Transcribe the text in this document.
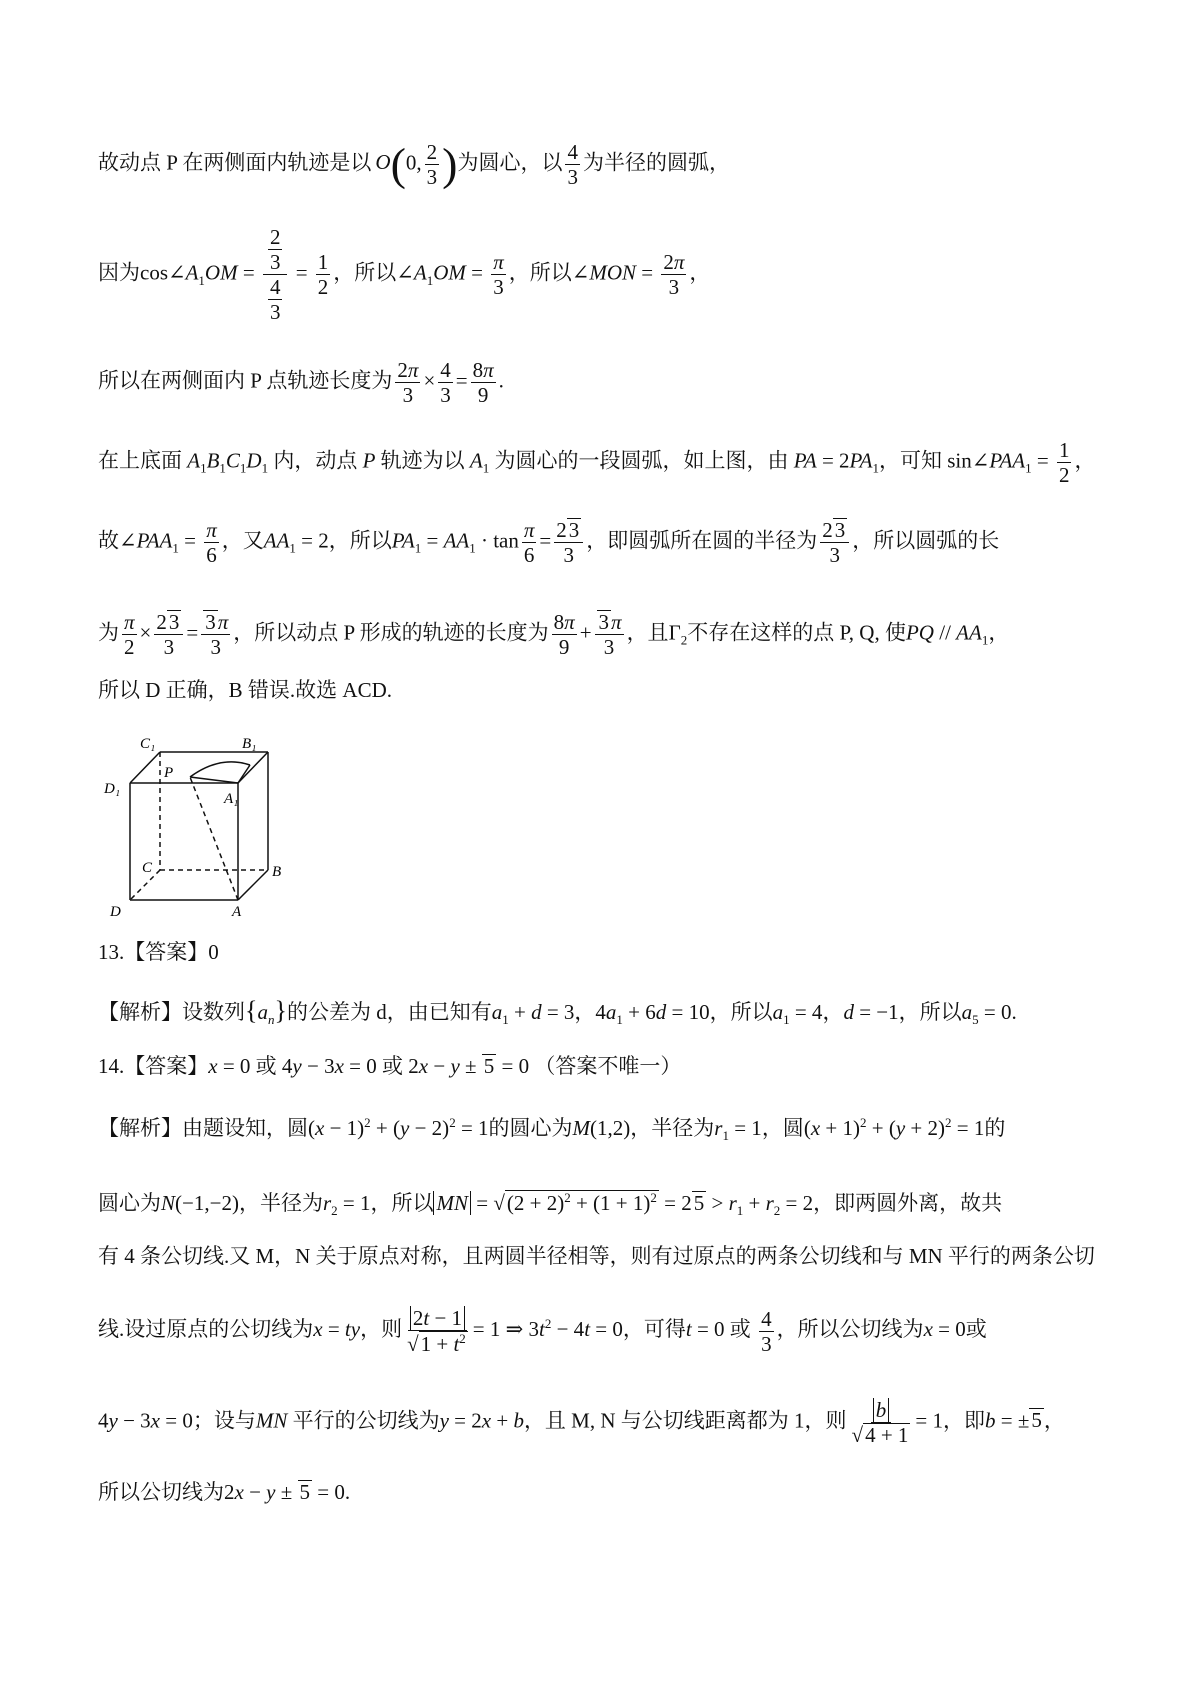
故动点 P 在两侧面内轨迹是以 O(0, $\frac{2}{3}$ )为圆心，以 $\frac{4}{3}$ 为半径的圆弧，
因为$\cos\angle A_1OM = \frac{\frac{2}{3}}{\frac{4}{3}} = \frac{1}{2}$ ，所以$\angle A_1OM = \frac{\pi}{3}$ ，所以∠MON = $\frac{2\pi}{3}$ ，
所以在两侧面内 P 点轨迹长度为 $\frac{2\pi}{3} \times \frac{4}{3} = \frac{8\pi}{9}$ .
在上底面 $A_1B_1C_1D_1$ 内，动点 P 轨迹为以 $A_1$ 为圆心的一段圆弧，如上图，由 PA = $2PA_1$，可知 $\sin\angle PAA_1 = \frac{1}{2}$ ，
故$\angle PAA_1 = \frac{\pi}{6}$ ，又$AA_1 = 2$，所以$PA_1 = AA_1 \cdot \tan \frac{\pi}{6} = \frac{23}{3}$ ，即圆弧所在圆的半径为 $\frac{23}{3}$ ，所以圆弧的长
为 $\frac{\pi}{2} \times \frac{23}{3} = \frac{3\pi}{3}$ ，所以动点 P 形成的轨迹的长度为 $\frac{8\pi}{9} + \frac{3\pi}{3}$ ，且$\Gamma_2$不存在这样的点 P, Q, 使PQ // $AA_1$，
所以 D 正确，B 错误.故选 ACD.
C₁	B₁
D₁
P
A₁
C	B
D	A
13.【答案】0
【解析】设数列$\{a_n\}$的公差为 d，由已知有$a_1 + d = 3$，$4a_1 + 6d = 10$，所以$a_1 = 4$，d = −1，所以$a_5 = 0$.
14.【答案】x = 0 或 4y − 3x = 0 或 2x − y ± 5 = 0 （答案不唯一）
【解析】由题设知，圆$(x - 1)^2 + (y - 2)^2 = 1$的圆心为M(1,2)，半径为$r_1 = 1$，圆$(x + 1)^2 + (y + 2)^2 = 1$的
圆心为N(−1,−2)，半径为$r_2 = 1$，所以 MN = $√(2 + 2)^2 + (1 + 1)^2 = 25 > r_1 + r_2 = 2$，即两圆外离，故共
有 4 条公切线.又 M，N 关于原点对称，且两圆半径相等，则有过原点的两条公切线和与 MN 平行的两条公切
线.设过原点的公切线为x = ty，则 $\frac{2t - 1}{√1 + t^2} = 1$ ⇒ $3t^2 - 4t = 0$，可得t = 0 或 $\frac{4}{3}$ ，所以公切线为x = 0或
4y − 3x = 0；设与MN 平行的公切线为y = 2x + b，且 M, N 与公切线距离都为 1，则 $\frac{b}{√4 + 1} = 1$，即b = ±5，
所以公切线为2x − y ± 5 = 0.
